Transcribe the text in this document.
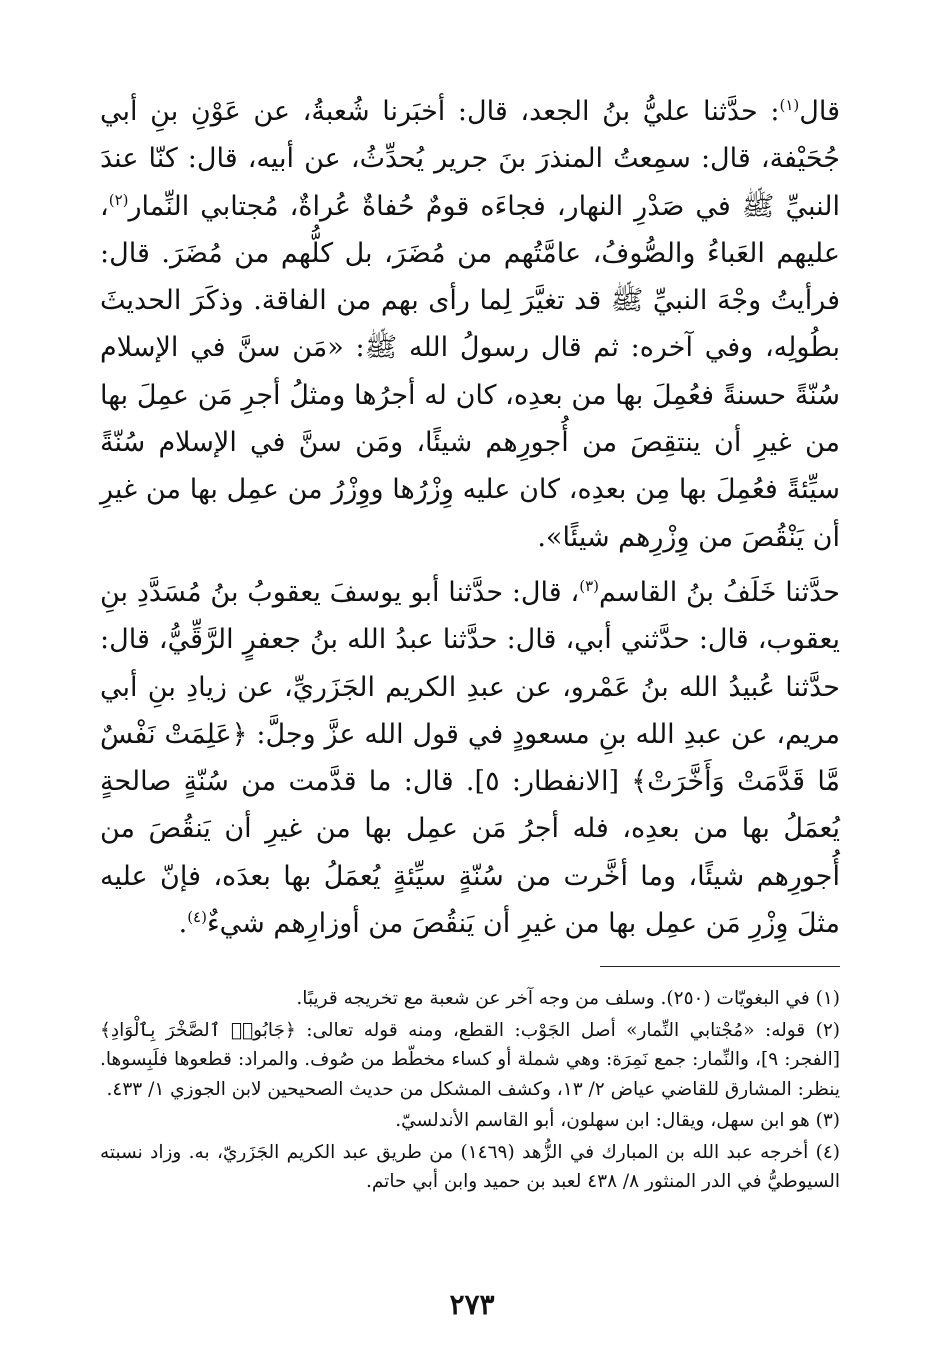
قال$^{(١)}$: حدَّثنا عليُّ بنُ الجعد، قال: أخبَرنا شُعبةُ، عن عَوْنِ بنِ أبي جُحَيْفة، قال: سمِعتُ المنذرَ بنَ جرير يُحدِّثُ، عن أبيه، قال: كنّا عندَ النبيِّ ﷺ في صَدْرِ النهار، فجاءَه قومٌ حُفاةٌ عُراةٌ، مُجتابي النِّمار$^{(٢)}$، عليهم العَباءُ والصُّوفُ، عامَّتُهم من مُضَرَ، بل كلُّهم من مُضَرَ. قال: فرأيتُ وجْهَ النبيِّ ﷺ قد تغيَّرَ لِما رأى بهم من الفاقة. وذكَرَ الحديثَ بطُولِه، وفي آخره: ثم قال رسولُ الله ﷺ: «مَن سنَّ في الإسلام سُنّةً حسنةً فعُمِلَ بها من بعدِه، كان له أجرُها ومثلُ أجرِ مَن عمِلَ بها من غيرِ أن ينتقِصَ من أُجورِهم شيئًا، ومَن سنَّ في الإسلام سُنّةً سيِّئةً فعُمِلَ بها مِن بعدِه، كان عليه وِزْرُها ووِزْرُ من عمِل بها من غيرِ أن يَنْقُصَ من وِزْرِهم شيئًا».

حدَّثنا خَلَفُ بنُ القاسم$^{(٣)}$، قال: حدَّثنا أبو يوسفَ يعقوبُ بنُ مُسَدَّدِ بنِ يعقوب، قال: حدَّثني أبي، قال: حدَّثنا عبدُ الله بنُ جعفرٍ الرَّقِّيُّ، قال: حدَّثنا عُبيدُ الله بنُ عَمْرو، عن عبدِ الكريم الجَزَريِّ، عن زيادِ بنِ أبي مريم، عن عبدِ الله بنِ مسعودٍ في قول الله عزَّ وجلَّ: ﴿عَلِمَتْ نَفْسٌ مَّا قَدَّمَتْ وَأَخَّرَتْ﴾ [الانفطار: ٥]. قال: ما قدَّمت من سُنّةٍ صالحةٍ يُعمَلُ بها من بعدِه، فله أجرُ مَن عمِل بها من غيرِ أن يَنقُصَ من أُجورِهم شيئًا، وما أخَّرت من سُنّةٍ سيِّئةٍ يُعمَلُ بها بعدَه، فإنّ عليه مثلَ وِزْرِ مَن عمِل بها من غيرِ أن يَنقُصَ من أوزارِهم شيءٌ$^{(٤)}$.

(١) في البغويّات (٢٥٠). وسلف من وجه آخر عن شعبة مع تخريجه قريبًا.

(٢) قوله: «مُجْتابي النِّمار» أصل الجَوْب: القطع، ومنه قوله تعالى: ﴿جَابُوا۟ ٱلصَّخْرَ بِٱلْوَادِ﴾ [الفجر: ٩]، والنِّمار: جمع نَمِرَة: وهي شملة أو كساء مخطّط من صُوف. والمراد: قطعوها فلَبِسوها. ينظر: المشارق للقاضي عياض ٢/ ١٣، وكشف المشكل من حديث الصحيحين لابن الجوزي ١/ ٤٣٣.

(٣) هو ابن سهل، ويقال: ابن سهلون، أبو القاسم الأندلسيّ.

(٤) أخرجه عبد الله بن المبارك في الزُّهد (١٤٦٩) من طريق عبد الكريم الجَزَريّ، به. وزاد نسبته السيوطيُّ في الدر المنثور ٨/ ٤٣٨ لعبد بن حميد وابن أبي حاتم.

٢٧٣
